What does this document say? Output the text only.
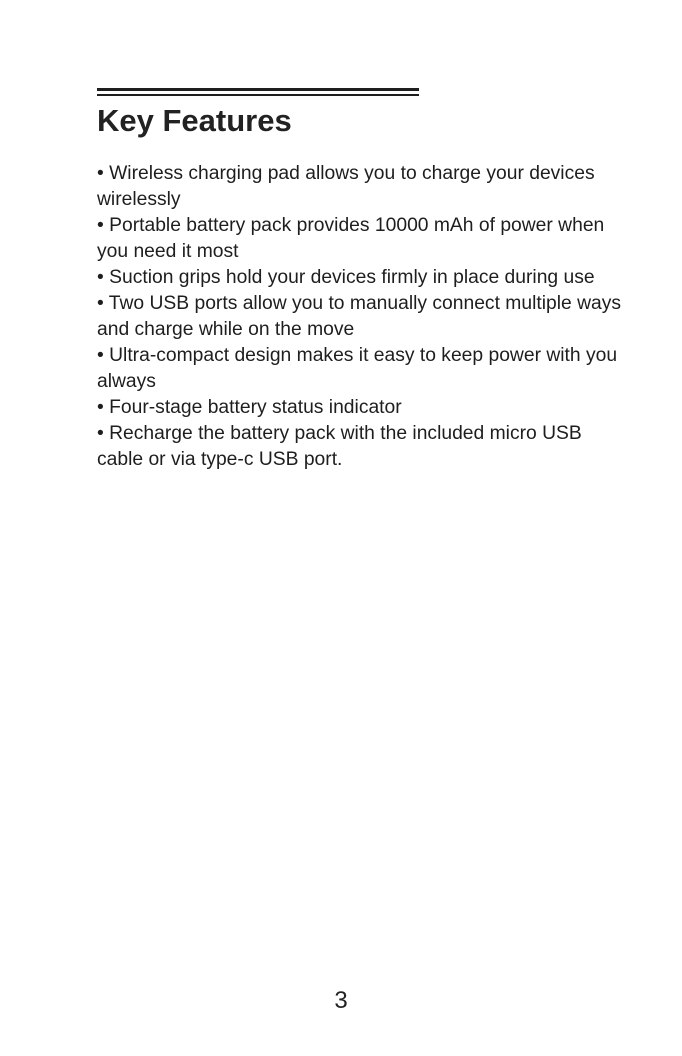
Key Features
• Wireless charging pad allows you to charge your devices wirelessly
• Portable battery pack provides 10000 mAh of power when you need it most
• Suction grips hold your devices firmly in place during use
• Two USB ports allow you to manually connect multiple ways and charge while on the move
• Ultra-compact design makes it easy to keep power with you always
• Four-stage battery status indicator
• Recharge the battery pack with the included micro USB cable or via type-c USB port.
3
